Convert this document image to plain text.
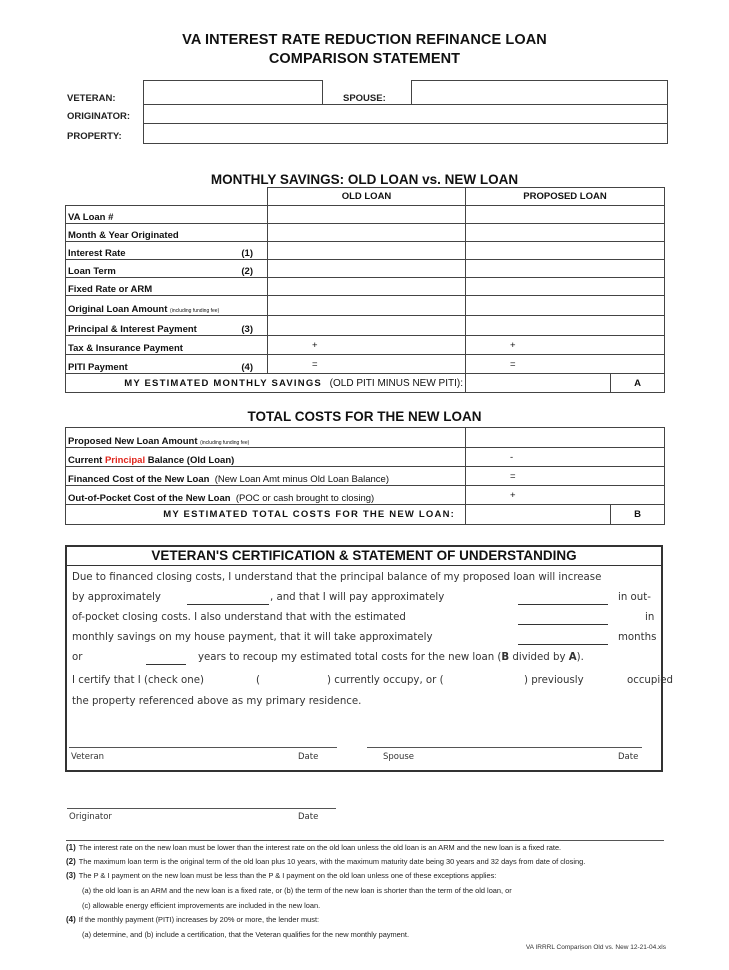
VA INTEREST RATE REDUCTION REFINANCE LOAN
COMPARISON STATEMENT
VETERAN:	SPOUSE:
ORIGINATOR:
PROPERTY:
MONTHLY SAVINGS: OLD LOAN vs. NEW LOAN
	OLD LOAN	PROPOSED LOAN	

VA Loan #			

Month & Year Originated			

Interest Rate (1)			

Loan Term (2)			

Fixed Rate or ARM			

Original Loan Amount (including funding fee)			

Principal & Interest Payment (3)			

Tax & Insurance Payment	+	+	

PITI Payment (4)	=	=	
MY ESTIMATED MONTHLY SAVINGS (OLD PITI MINUS NEW PITI):			A
TOTAL COSTS FOR THE NEW LOAN
Proposed New Loan Amount (including funding fee)		
Current Principal Balance (Old Loan)	-	
Financed Cost of the New Loan (New Loan Amt minus Old Loan Balance)	=	
Out-of-Pocket Cost of the New Loan (POC or cash brought to closing)	+	
MY ESTIMATED TOTAL COSTS FOR THE NEW LOAN:		B
VETERAN'S CERTIFICATION & STATEMENT OF UNDERSTANDING
Due to financed closing costs, I understand that the principal balance of my proposed loan will increase
by approximately	, and that I will pay approximately	in out-
of-pocket closing costs. I also understand that with the estimated	in
monthly savings on my house payment, that it will take approximately	months
or	years to recoup my estimated total costs for the new loan (B divided by A).
I certify that I (check one)	(	) currently occupy, or (	) previously	occupied
the property referenced above as my primary residence.
Veteran	Date	Spouse	Date
Originator	Date
(1) The interest rate on the new loan must be lower than the interest rate on the old loan unless the old loan is an ARM and the new loan is a fixed rate.
(2) The maximum loan term is the original term of the old loan plus 10 years, with the maximum maturity date being 30 years and 32 days from date of closing.
(3) The P & I payment on the new loan must be less than the P & I payment on the old loan unless one of these exceptions applies:
(a) the old loan is an ARM and the new loan is a fixed rate, or (b) the term of the new loan is shorter than the term of the old loan, or
(c) allowable energy efficient improvements are included in the new loan.
(4) If the monthly payment (PITI) increases by 20% or more, the lender must:
(a) determine, and (b) include a certification, that the Veteran qualifies for the new monthly payment.
VA IRRRL Comparison Old vs. New 12-21-04.xls
